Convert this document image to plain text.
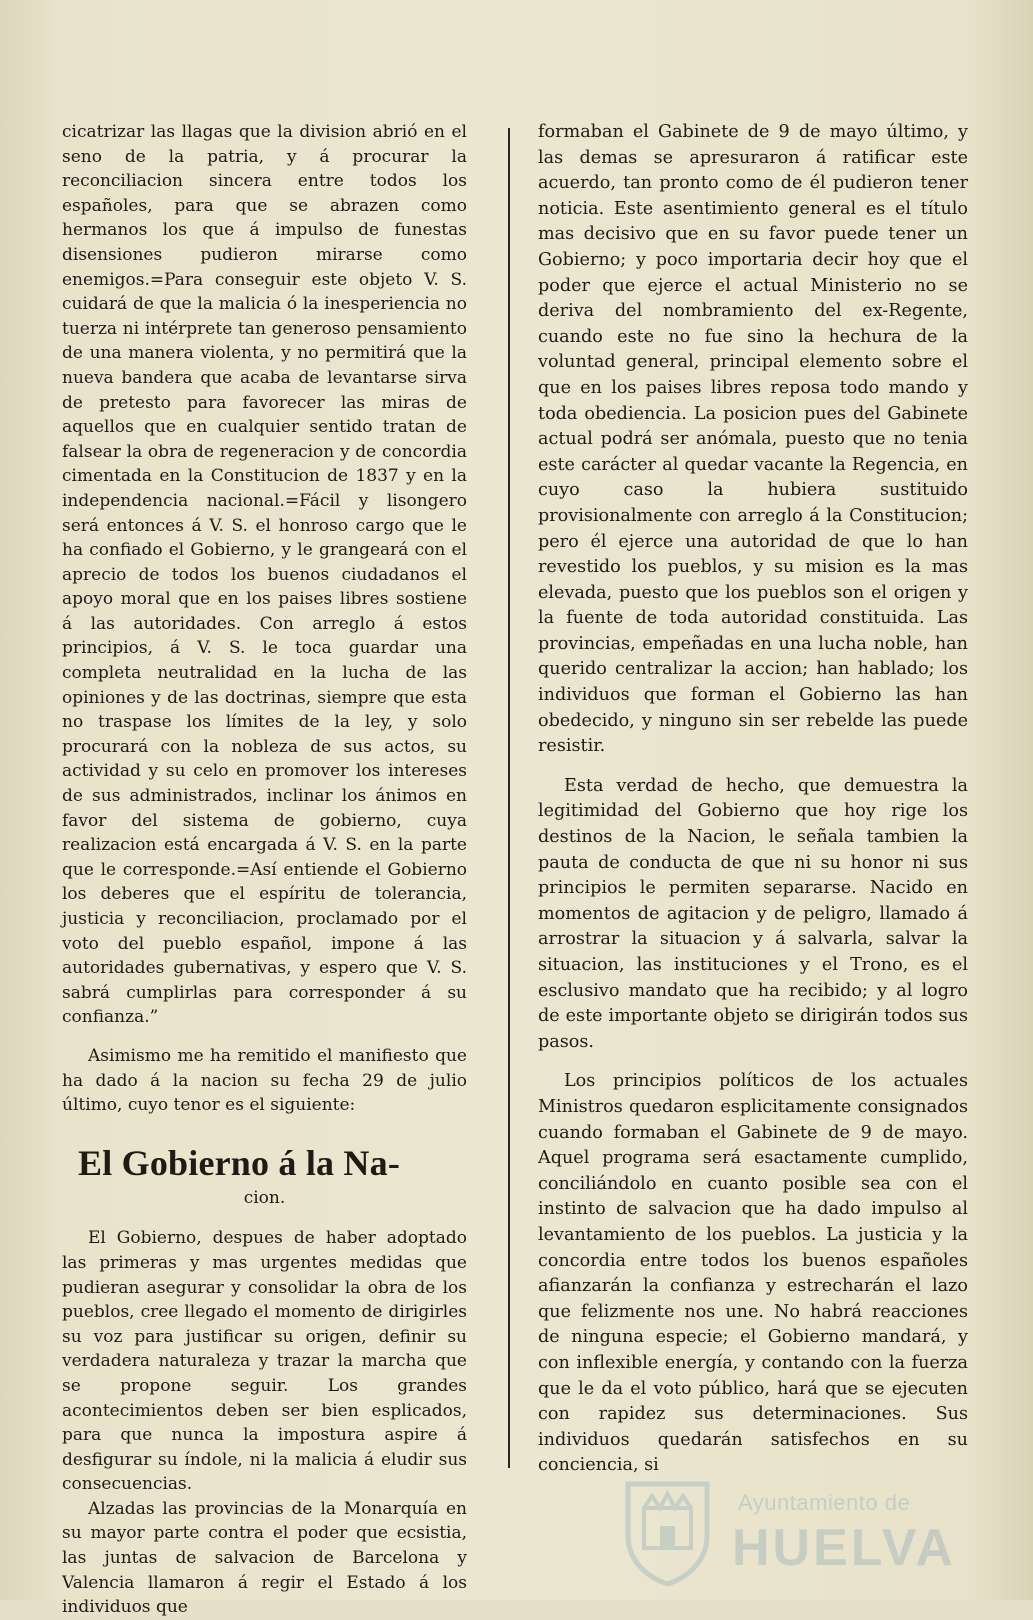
cicatrizar las llagas que la division abrió en el seno de la patria, y á procurar la reconciliacion sincera entre todos los españoles, para que se abrazen como hermanos los que á impulso de funestas disensiones pudieron mirarse como enemigos.=Para conseguir este objeto V. S. cuidará de que la malicia ó la inesperiencia no tuerza ni intérprete tan generoso pensamiento de una manera violenta, y no permitirá que la nueva bandera que acaba de levantarse sirva de pretesto para favorecer las miras de aquellos que en cualquier sentido tratan de falsear la obra de regeneracion y de concordia cimentada en la Constitucion de 1837 y en la independencia nacional.=Fácil y lisongero será entonces á V. S. el honroso cargo que le ha confiado el Gobierno, y le grangeará con el aprecio de todos los buenos ciudadanos el apoyo moral que en los paises libres sostiene á las autoridades. Con arreglo á estos principios, á V. S. le toca guardar una completa neutralidad en la lucha de las opiniones y de las doctrinas, siempre que esta no traspase los límites de la ley, y solo procurará con la nobleza de sus actos, su actividad y su celo en promover los intereses de sus administrados, inclinar los ánimos en favor del sistema de gobierno, cuya realizacion está encargada á V. S. en la parte que le corresponde.=Así entiende el Gobierno los deberes que el espíritu de tolerancia, justicia y reconciliacion, proclamado por el voto del pueblo español, impone á las autoridades gubernativas, y espero que V. S. sabrá cumplirlas para corresponder á su confianza.”

Asimismo me ha remitido el manifiesto que ha dado á la nacion su fecha 29 de julio último, cuyo tenor es el siguiente:

El Gobierno á la Na-
cion.

El Gobierno, despues de haber adoptado las primeras y mas urgentes medidas que pudieran asegurar y consolidar la obra de los pueblos, cree llegado el momento de dirigirles su voz para justificar su origen, definir su verdadera naturaleza y trazar la marcha que se propone seguir. Los grandes acontecimientos deben ser bien esplicados, para que nunca la impostura aspire á desfigurar su índole, ni la malicia á eludir sus consecuencias.

Alzadas las provincias de la Monarquía en su mayor parte contra el poder que ecsistia, las juntas de salvacion de Barcelona y Valencia llamaron á regir el Estado á los individuos que

formaban el Gabinete de 9 de mayo último, y las demas se apresuraron á ratificar este acuerdo, tan pronto como de él pudieron tener noticia. Este asentimiento general es el título mas decisivo que en su favor puede tener un Gobierno; y poco importaria decir hoy que el poder que ejerce el actual Ministerio no se deriva del nombramiento del ex-Regente, cuando este no fue sino la hechura de la voluntad general, principal elemento sobre el que en los paises libres reposa todo mando y toda obediencia. La posicion pues del Gabinete actual podrá ser anómala, puesto que no tenia este carácter al quedar vacante la Regencia, en cuyo caso la hubiera sustituido provisionalmente con arreglo á la Constitucion; pero él ejerce una autoridad de que lo han revestido los pueblos, y su mision es la mas elevada, puesto que los pueblos son el origen y la fuente de toda autoridad constituida. Las provincias, empeñadas en una lucha noble, han querido centralizar la accion; han hablado; los individuos que forman el Gobierno las han obedecido, y ninguno sin ser rebelde las puede resistir.

Esta verdad de hecho, que demuestra la legitimidad del Gobierno que hoy rige los destinos de la Nacion, le señala tambien la pauta de conducta de que ni su honor ni sus principios le permiten separarse. Nacido en momentos de agitacion y de peligro, llamado á arrostrar la situacion y á salvarla, salvar la situacion, las instituciones y el Trono, es el esclusivo mandato que ha recibido; y al logro de este importante objeto se dirigirán todos sus pasos.

Los principios políticos de los actuales Ministros quedaron esplicitamente consignados cuando formaban el Gabinete de 9 de mayo. Aquel programa será esactamente cumplido, conciliándolo en cuanto posible sea con el instinto de salvacion que ha dado impulso al levantamiento de los pueblos. La justicia y la concordia entre todos los buenos españoles afianzarán la confianza y estrecharán el lazo que felizmente nos une. No habrá reacciones de ninguna especie; el Gobierno mandará, y con inflexible energía, y contando con la fuerza que le da el voto público, hará que se ejecuten con rapidez sus determinaciones. Sus individuos quedarán satisfechos en su conciencia, si

Ayuntamiento de
HUELVA
